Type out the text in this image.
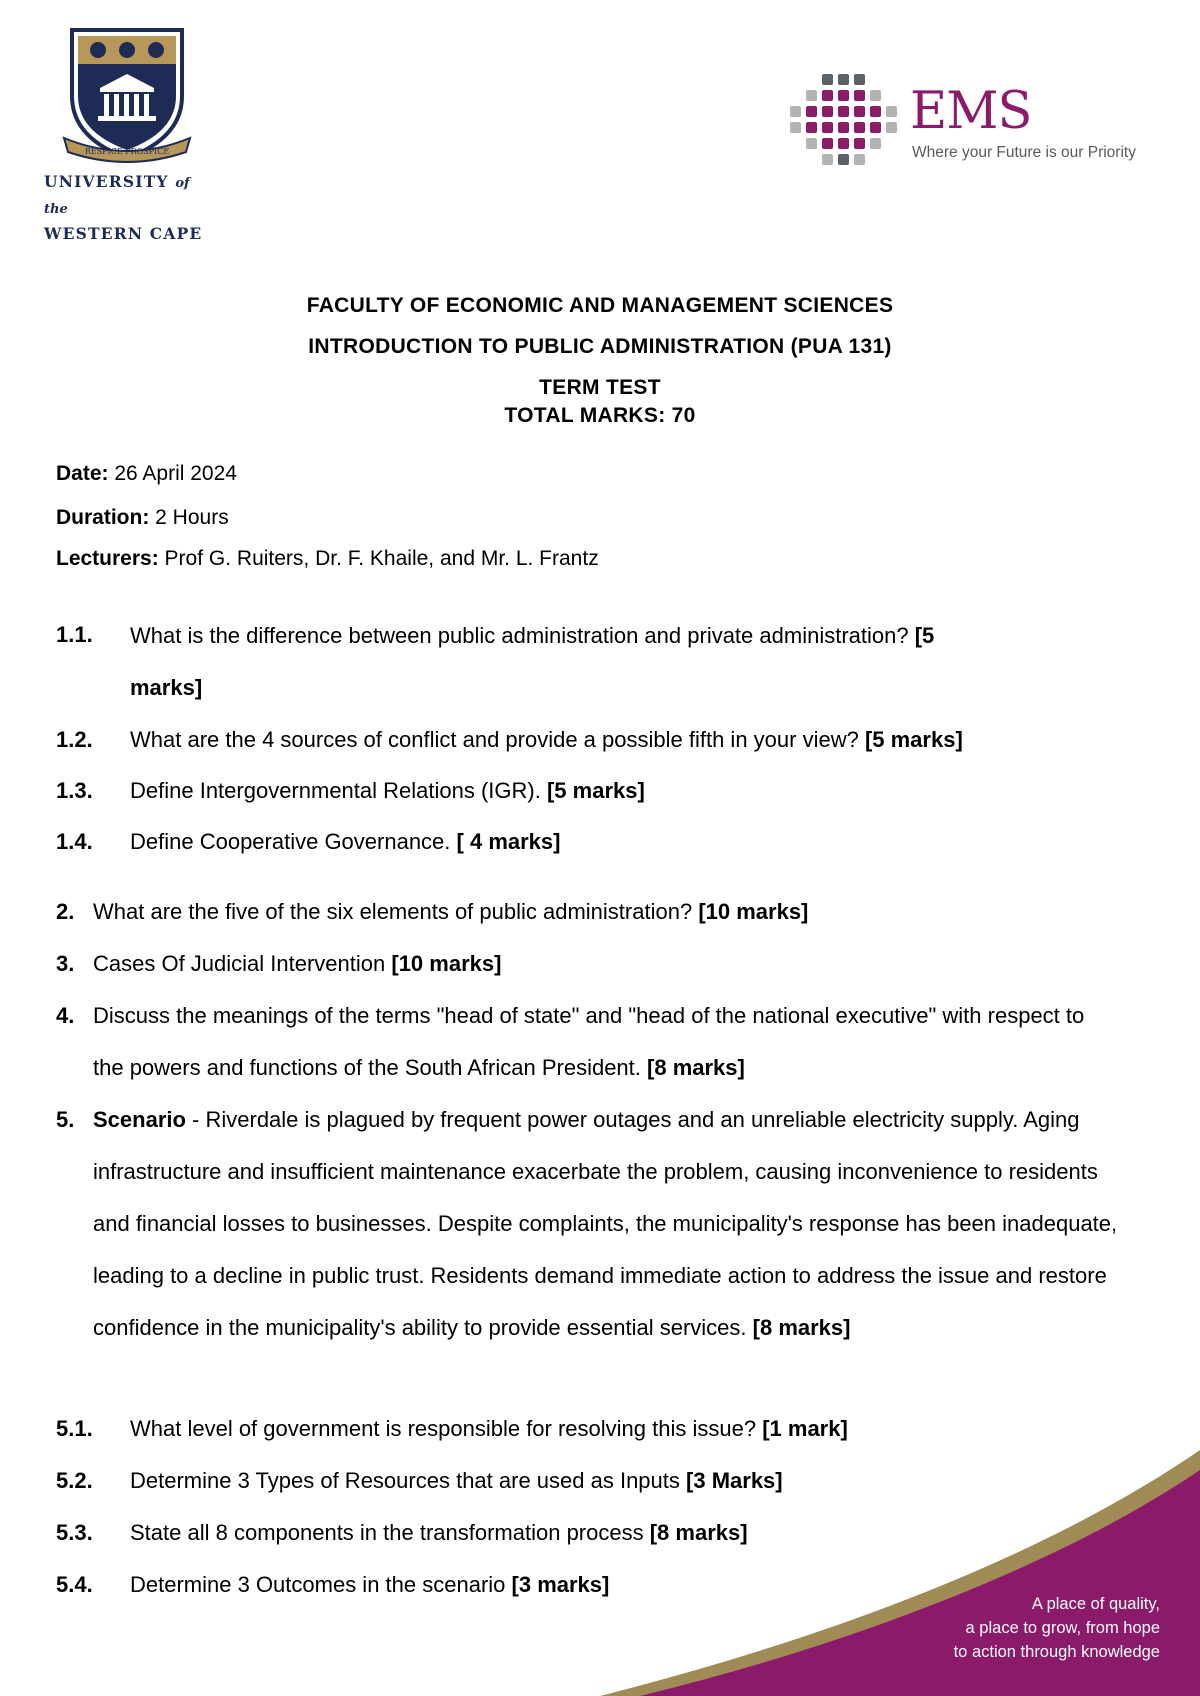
RESPICE PROSPICE
UNIVERSITY of the
WESTERN CAPE
EMS
Where your Future is our Priority
FACULTY OF ECONOMIC AND MANAGEMENT SCIENCES
INTRODUCTION TO PUBLIC ADMINISTRATION (PUA 131)
TERM TEST
TOTAL MARKS: 70
Date: 26 April 2024
Duration: 2 Hours
Lecturers: Prof G. Ruiters, Dr. F. Khaile, and Mr. L. Frantz
1.1. What is the difference between public administration and private administration? [5
marks]
1.2. What are the 4 sources of conflict and provide a possible fifth in your view? [5 marks]
1.3. Define Intergovernmental Relations (IGR). [5 marks]
1.4. Define Cooperative Governance. [ 4 marks]
2. What are the five of the six elements of public administration? [10 marks]
3. Cases Of Judicial Intervention [10 marks]
4. Discuss the meanings of the terms "head of state" and "head of the national executive" with respect to the powers and functions of the South African President. [8 marks]
5. Scenario - Riverdale is plagued by frequent power outages and an unreliable electricity supply. Aging infrastructure and insufficient maintenance exacerbate the problem, causing inconvenience to residents and financial losses to businesses. Despite complaints, the municipality's response has been inadequate, leading to a decline in public trust. Residents demand immediate action to address the issue and restore confidence in the municipality's ability to provide essential services. [8 marks]
5.1. What level of government is responsible for resolving this issue? [1 mark]
5.2. Determine 3 Types of Resources that are used as Inputs [3 Marks]
5.3. State all 8 components in the transformation process [8 marks]
5.4. Determine 3 Outcomes in the scenario [3 marks]
A place of quality,
a place to grow, from hope
to action through knowledge
